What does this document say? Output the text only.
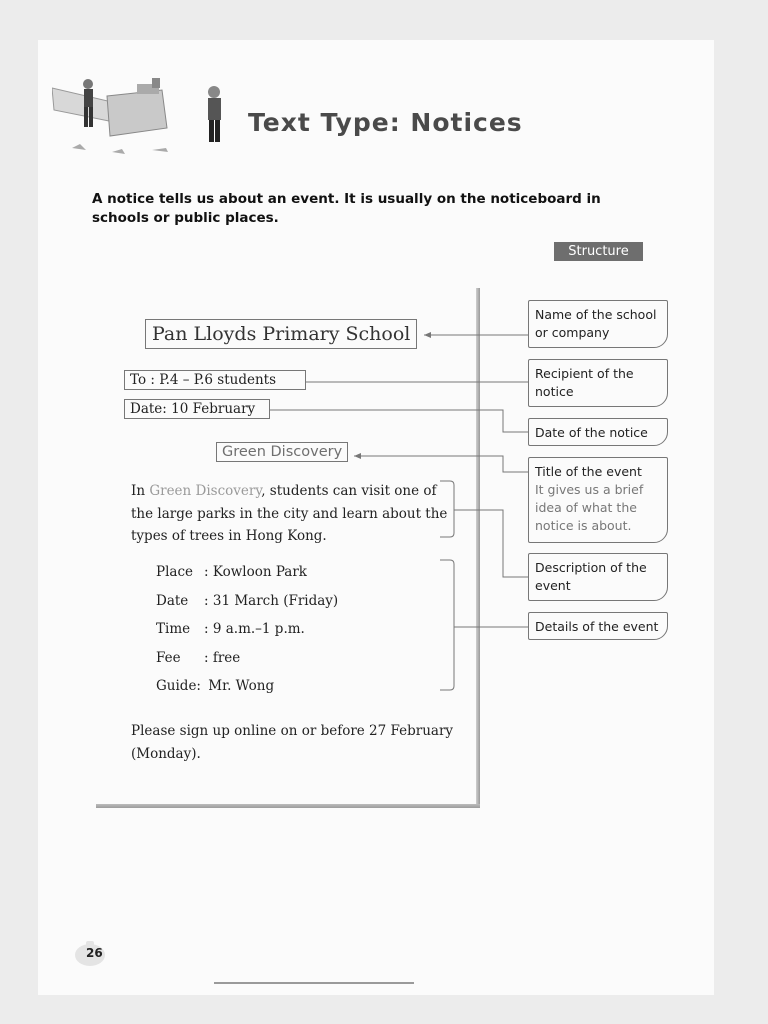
Text Type: Notices
A notice tells us about an event. It is usually on the noticeboard in schools or public places.
Structure
Pan Lloyds Primary School
To : P.4 – P.6 students
Date: 10 February
Green Discovery
In Green Discovery, students can visit one of the large parks in the city and learn about the types of trees in Hong Kong.
Place : Kowloon Park
Date : 31 March (Friday)
Time : 9 a.m.–1 p.m.
Fee : free
Guide: Mr. Wong
Please sign up online on or before 27 February (Monday).
Name of the school or company
Recipient of the notice
Date of the notice
Title of the event
It gives us a brief idea of what the notice is about.
Description of the event
Details of the event
26
